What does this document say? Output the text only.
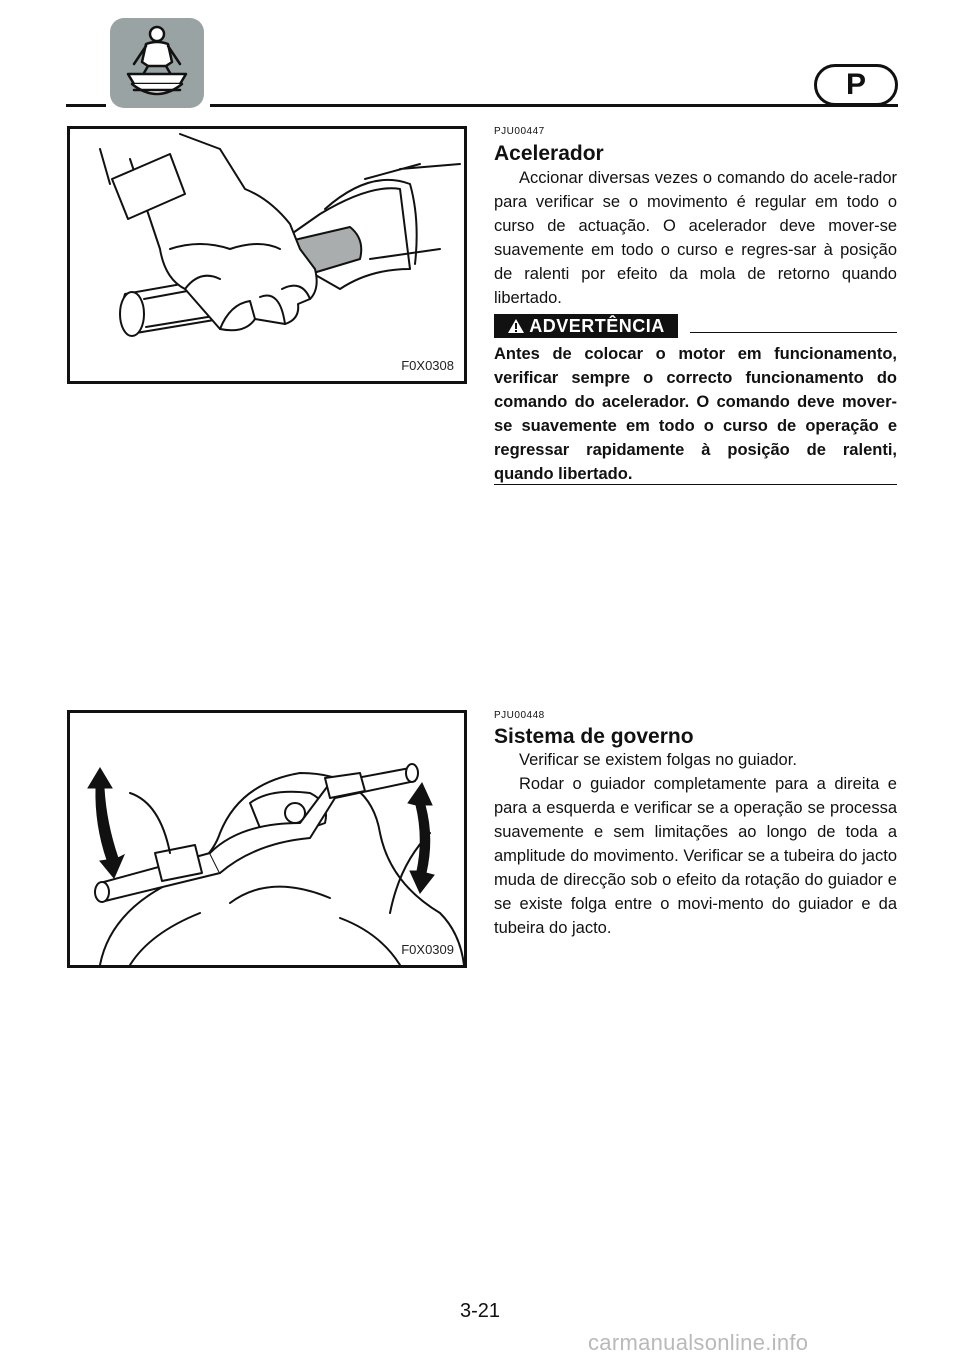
P
F0X0308
PJU00447
Acelerador

Accionar diversas vezes o comando do acele-rador para verificar se o movimento é regular em todo o curso de actuação. O acelerador deve mover-se suavemente em todo o curso e regres-sar à posição de ralenti por efeito da mola de retorno quando libertado.

ADVERTÊNCIA
Antes de colocar o motor em funcionamento, verificar sempre o correcto funcionamento do comando do acelerador. O comando deve mover-se suavemente em todo o curso de operação e regressar rapidamente à posição de ralenti, quando libertado.
F0X0309
PJU00448
Sistema de governo

Verificar se existem folgas no guiador.

Rodar o guiador completamente para a direita e para a esquerda e verificar se a operação se processa suavemente e sem limitações ao longo de toda a amplitude do movimento. Verificar se a tubeira do jacto muda de direcção sob o efeito da rotação do guiador e se existe folga entre o movi-mento do guiador e da tubeira do jacto.

3-21
carmanualsonline.info
